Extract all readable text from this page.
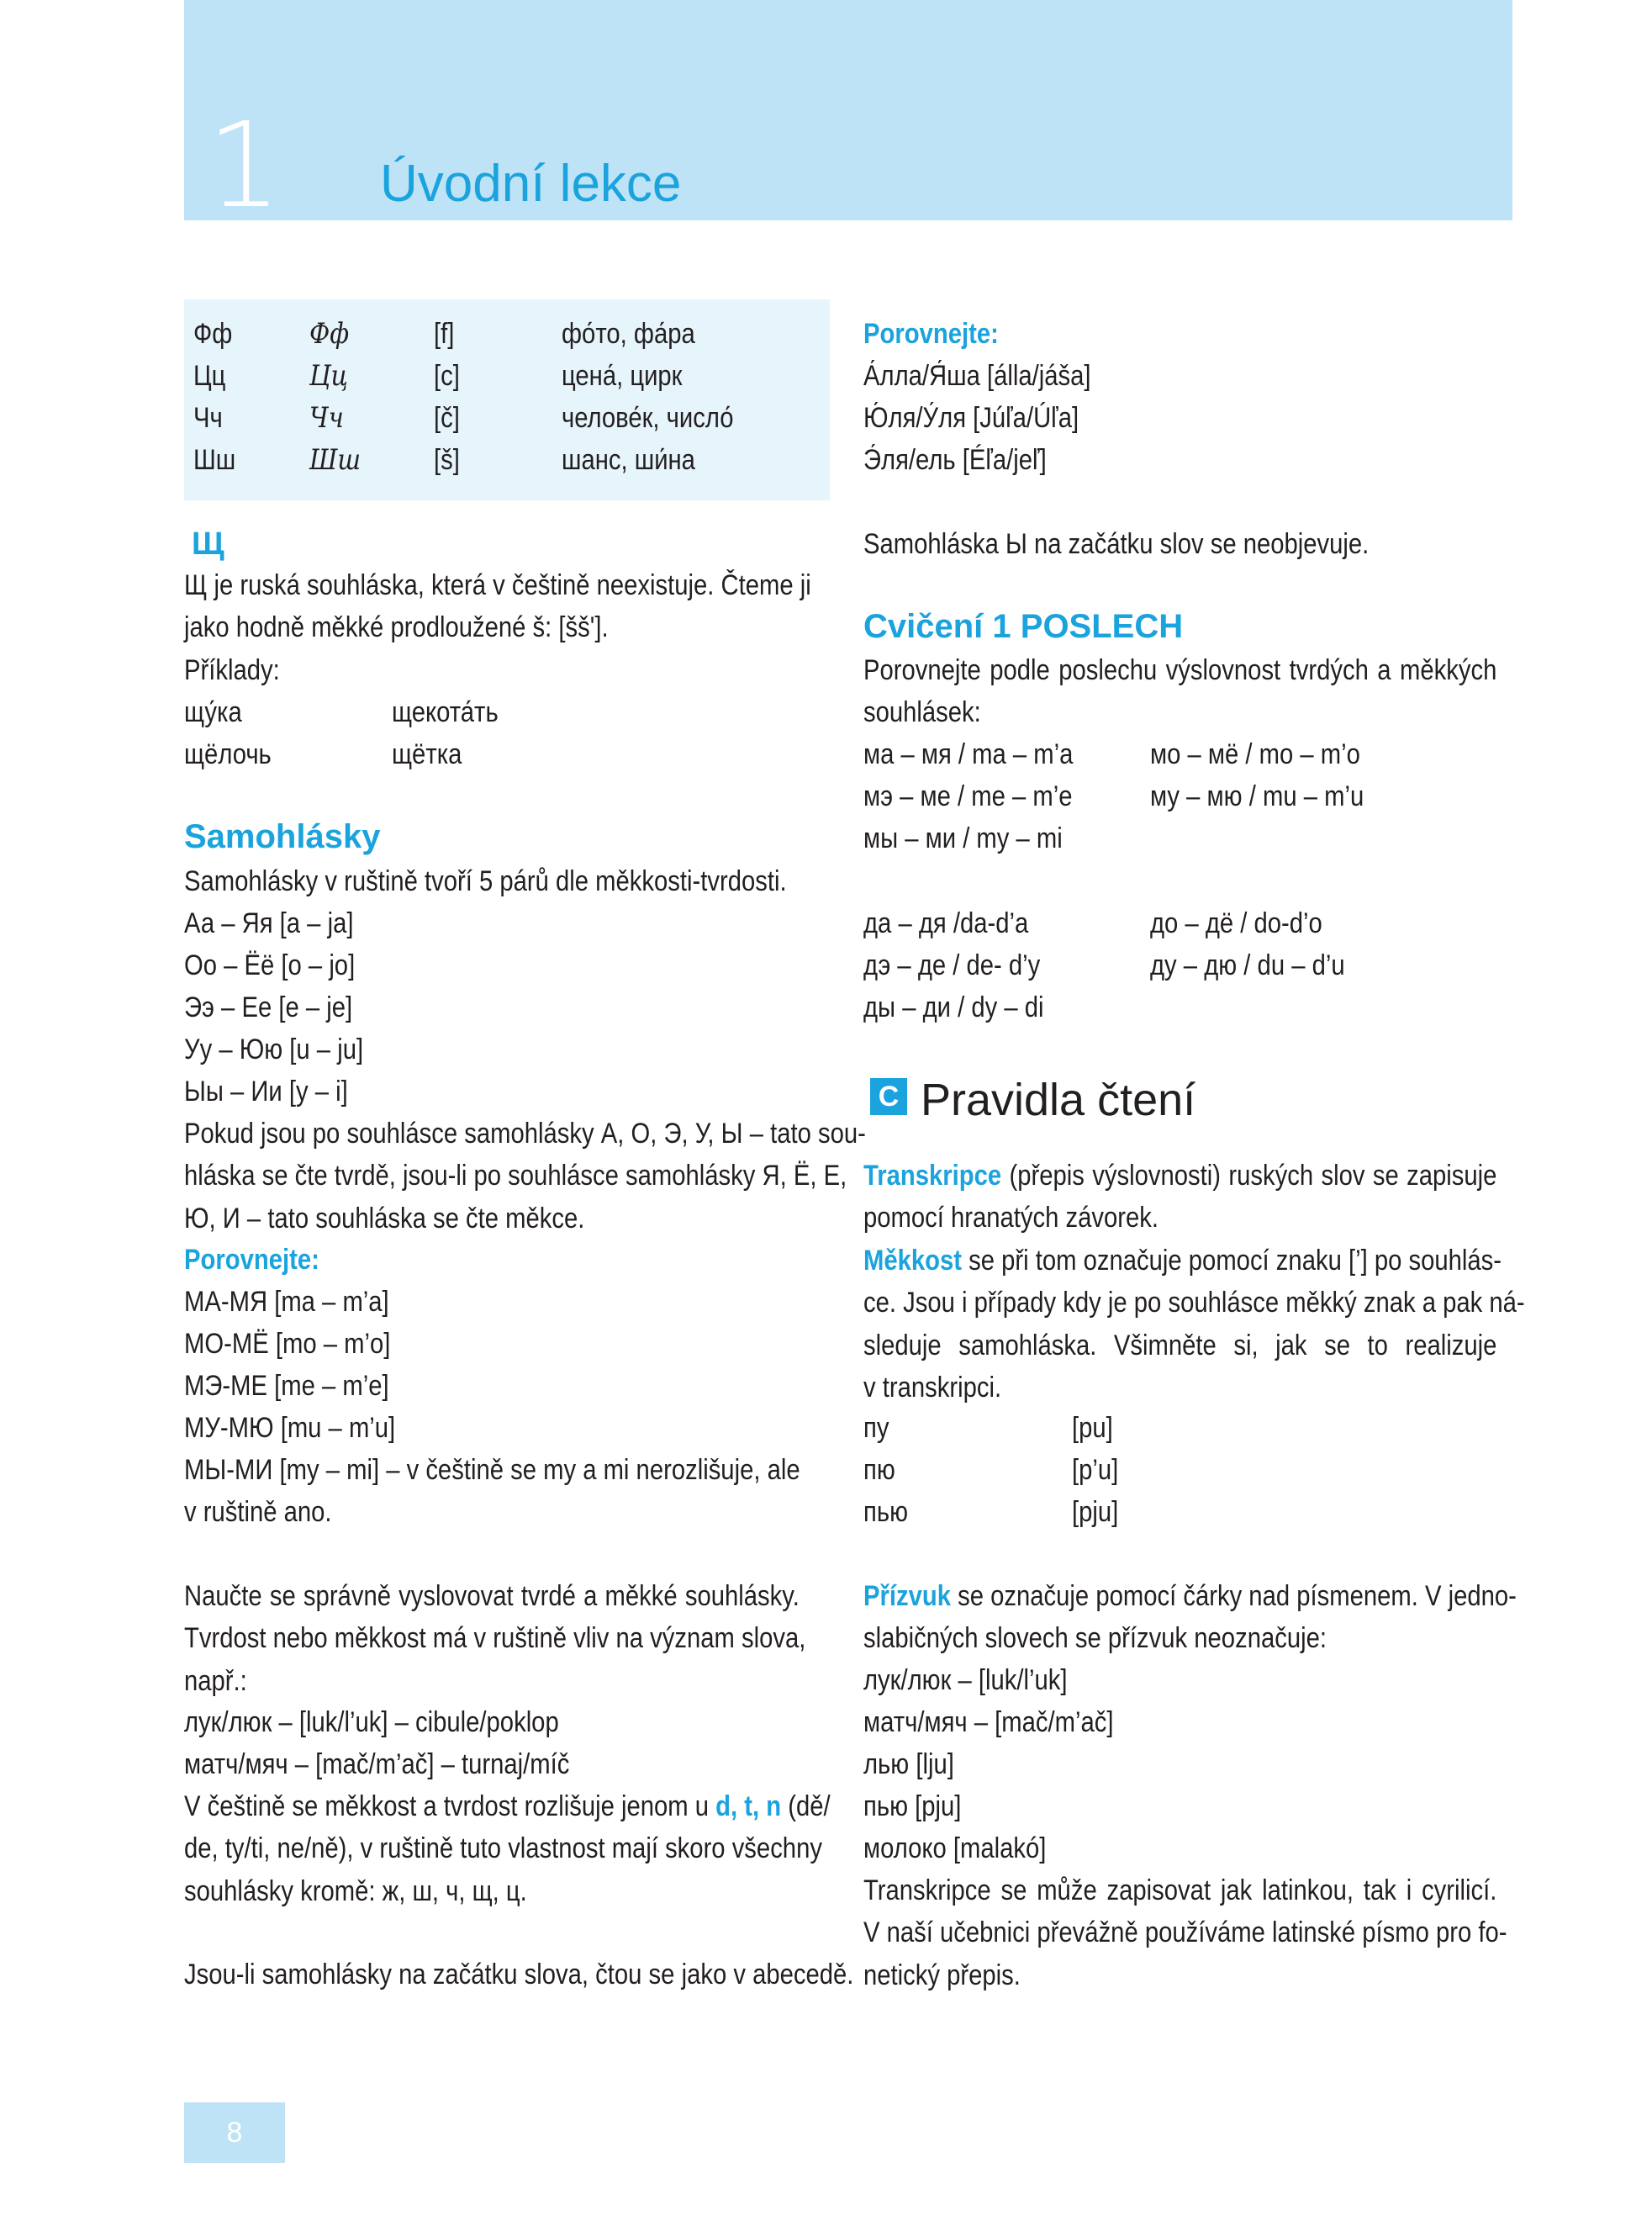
1 Úvodní lekce
Фф	Фф	[f]	фо́то, фа́ра
Цц	Цц	[c]	цена́, цирк
Чч	Чч	[č]	челове́к, число́
Шш	Шш	[š]	шанс, ши́на
Щ
Щ je ruská souhláska, která v češtině neexistuje. Čteme ji
jako hodně měkké prodloužené š: [šš'].
Příklady:
щу́ка	щекота́ть
щёлочь	щётка
Samohlásky
Samohlásky v ruštině tvoří 5 párů dle měkkosti-tvrdosti.
Аа – Яя [a – ja]
Оо – Ёё [o – jo]
Ээ – Ее [e – je]
Уу – Юю [u – ju]
Ыы – Ии [y – i]
Pokud jsou po souhlásce samohlásky А, О, Э, У, Ы – tato sou-
hláska se čte tvrdě, jsou-li po souhlásce samohlásky Я, Ё, Е,
Ю, И – tato souhláska se čte měkce.
Porovnejte:
МА-МЯ [ma – m’a]
МО-МЁ [mo – m’o]
МЭ-МЕ [me – m’e]
МУ-МЮ [mu – m’u]
МЫ-МИ [my – mi] – v češtině se my a mi nerozlišuje, ale
v ruštině ano.
Naučte se správně vyslovovat tvrdé a měkké souhlásky.
Tvrdost nebo měkkost má v ruštině vliv na význam slova,
např.:
лук/люк – [luk/l’uk] – cibule/poklop
матч/мяч – [mač/m’ač] – turnaj/míč
V češtině se měkkost a tvrdost rozlišuje jenom u d, t, n (dě/
de, ty/ti, ne/ně), v ruštině tuto vlastnost mají skoro všechny
souhlásky kromě: ж, ш, ч, щ, ц.
Jsou-li samohlásky na začátku slova, čtou se jako v abecedě.
Porovnejte:
А́лла/Я́ша [álla/jáša]
Ю́ля/У́ля [Júľa/Úľa]
Э́ля/ель [Éľa/jeľ]
Samohláska Ы na začátku slov se neobjevuje.
Cvičení 1 POSLECH
Porovnejte podle poslechu výslovnost tvrdých a měkkých
souhlásek:
ма – мя / ma – m’a	мо – мё / mo – m’o
мэ – ме / me – m’e	му – мю / mu – m’u
мы – ми / my – mi
да – дя /da-d’a	до – дё / do-d’o
дэ – де / de- d’y	ду – дю / du – d’u
ды – ди / dy – di
C Pravidla čtení
Transkripce (přepis výslovnosti) ruských slov se zapisuje
pomocí hranatých závorek.
Měkkost se při tom označuje pomocí znaku [’] po souhlás-
ce. Jsou i případy kdy je po souhlásce měkký znak a pak ná-
sleduje samohláska. Všimněte si, jak se to realizuje
v transkripci.
пу	[pu]
пю	[p’u]
пью	[pju]
Přízvuk se označuje pomocí čárky nad písmenem. V jedno-
slabičných slovech se přízvuk neoznačuje:
лук/люк – [luk/l’uk]
матч/мяч – [mač/m’ač]
лью [lju]
пью [pju]
молоко [malakó]
Transkripce se může zapisovat jak latinkou, tak i cyrilicí.
V naší učebnici převážně používáme latinské písmo pro fo-
netický přepis.
8
